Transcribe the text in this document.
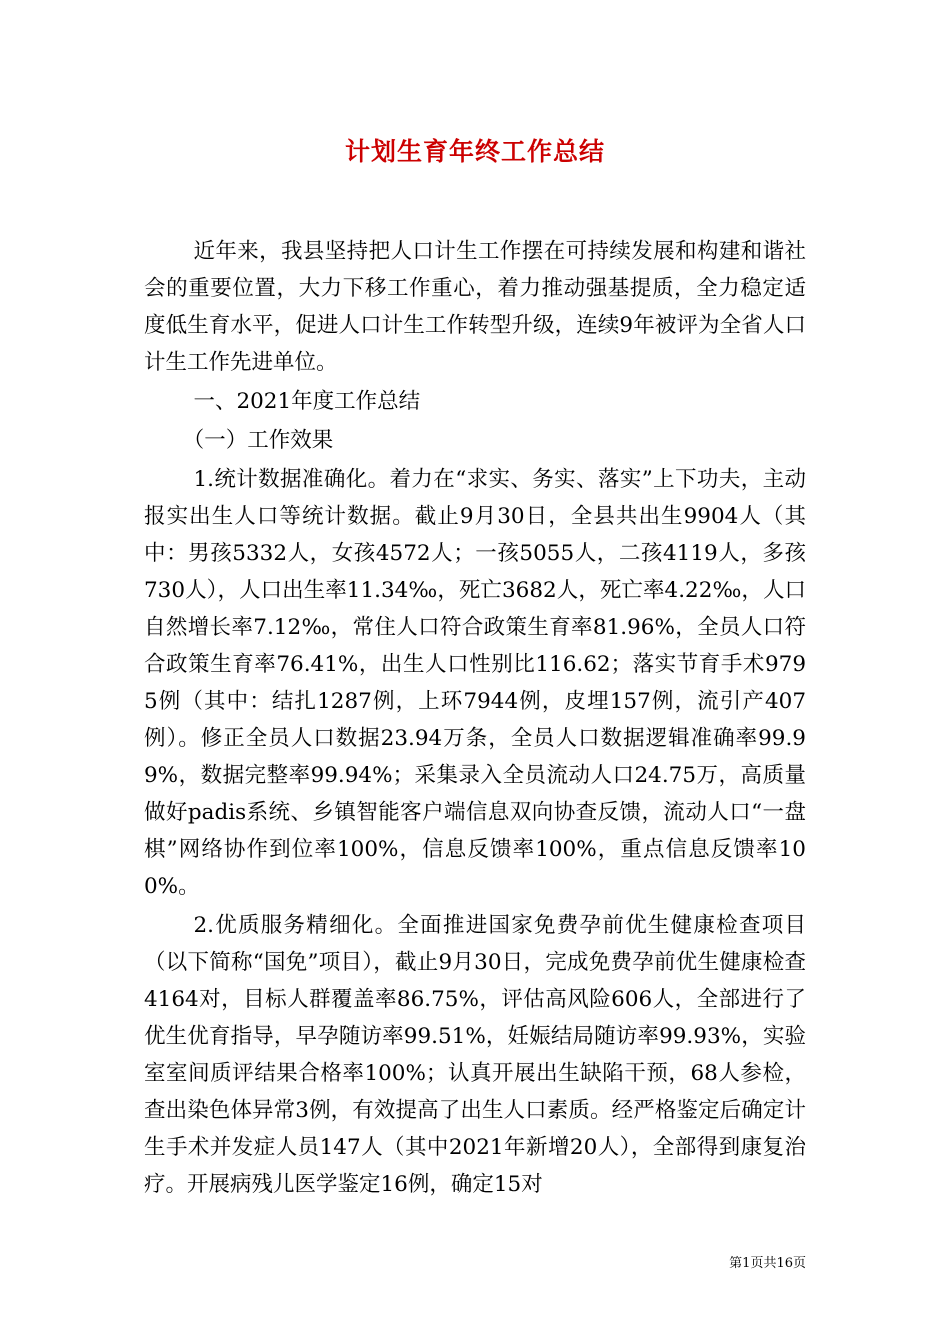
计划生育年终工作总结

近年来，我县坚持把人口计生工作摆在可持续发展和构建和谐社会的重要位置，大力下移工作重心，着力推动强基提质，全力稳定适度低生育水平，促进人口计生工作转型升级，连续9年被评为全省人口计生工作先进单位。

一、2021年度工作总结

（一）工作效果

1.统计数据准确化。着力在“求实、务实、落实”上下功夫，主动报实出生人口等统计数据。截止9月30日，全县共出生9904人（其中：男孩5332人，女孩4572人；一孩5055人，二孩4119人，多孩730人），人口出生率11.34‰，死亡3682人，死亡率4.22‰，人口自然增长率7.12‰，常住人口符合政策生育率81.96%，全员人口符合政策生育率76.41%，出生人口性别比116.62；落实节育手术9795例（其中：结扎1287例，上环7944例，皮埋157例，流引产407例）。修正全员人口数据23.94万条，全员人口数据逻辑准确率99.99%，数据完整率99.94%；采集录入全员流动人口24.75万，高质量做好padis系统、乡镇智能客户端信息双向协查反馈，流动人口“一盘棋”网络协作到位率100%，信息反馈率100%，重点信息反馈率100%。

2.优质服务精细化。全面推进国家免费孕前优生健康检查项目（以下简称“国免”项目），截止9月30日，完成免费孕前优生健康检查4164对，目标人群覆盖率86.75%，评估高风险606人，全部进行了优生优育指导，早孕随访率99.51%，妊娠结局随访率99.93%，实验室室间质评结果合格率100%；认真开展出生缺陷干预，68人参检，查出染色体异常3例，有效提高了出生人口素质。经严格鉴定后确定计生手术并发症人员147人（其中2021年新增20人），全部得到康复治疗。开展病残儿医学鉴定16例，确定15对

第1页共16页
